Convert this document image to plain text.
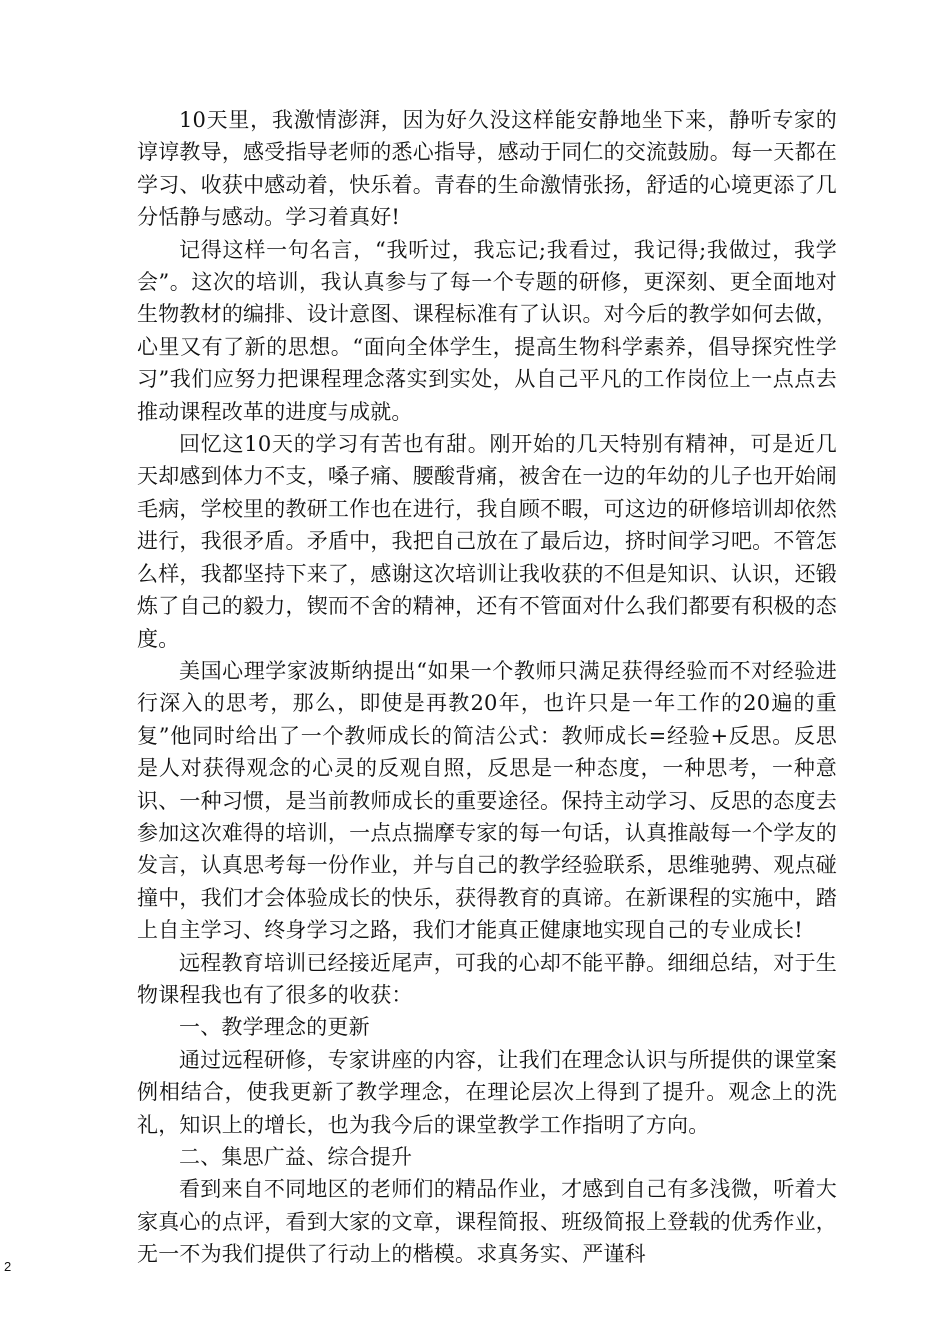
10天里，我激情澎湃，因为好久没这样能安静地坐下来，静听专家的谆谆教导，感受指导老师的悉心指导，感动于同仁的交流鼓励。每一天都在学习、收获中感动着，快乐着。青春的生命激情张扬，舒适的心境更添了几分恬静与感动。学习着真好!

记得这样一句名言，“我听过，我忘记;我看过，我记得;我做过，我学会”。这次的培训，我认真参与了每一个专题的研修，更深刻、更全面地对生物教材的编排、设计意图、课程标准有了认识。对今后的教学如何去做，心里又有了新的思想。“面向全体学生，提高生物科学素养，倡导探究性学习”我们应努力把课程理念落实到实处，从自己平凡的工作岗位上一点点去推动课程改革的进度与成就。

回忆这10天的学习有苦也有甜。刚开始的几天特别有精神，可是近几天却感到体力不支，嗓子痛、腰酸背痛，被舍在一边的年幼的儿子也开始闹毛病，学校里的教研工作也在进行，我自顾不暇，可这边的研修培训却依然进行，我很矛盾。矛盾中，我把自己放在了最后边，挤时间学习吧。不管怎么样，我都坚持下来了，感谢这次培训让我收获的不但是知识、认识，还锻炼了自己的毅力，锲而不舍的精神，还有不管面对什么我们都要有积极的态度。

美国心理学家波斯纳提出“如果一个教师只满足获得经验而不对经验进行深入的思考，那么，即使是再教20年，也许只是一年工作的20遍的重复”他同时给出了一个教师成长的简洁公式：教师成长=经验+反思。反思是人对获得观念的心灵的反观自照，反思是一种态度，一种思考，一种意识、一种习惯，是当前教师成长的重要途径。保持主动学习、反思的态度去参加这次难得的培训，一点点揣摩专家的每一句话，认真推敲每一个学友的发言，认真思考每一份作业，并与自己的教学经验联系，思维驰骋、观点碰撞中，我们才会体验成长的快乐，获得教育的真谛。在新课程的实施中，踏上自主学习、终身学习之路，我们才能真正健康地实现自己的专业成长!

远程教育培训已经接近尾声，可我的心却不能平静。细细总结，对于生物课程我也有了很多的收获：

一、教学理念的更新

通过远程研修，专家讲座的内容，让我们在理念认识与所提供的课堂案例相结合，使我更新了教学理念，在理论层次上得到了提升。观念上的洗礼，知识上的增长，也为我今后的课堂教学工作指明了方向。

二、集思广益、综合提升

看到来自不同地区的老师们的精品作业，才感到自己有多浅微，听着大家真心的点评，看到大家的文章，课程简报、班级简报上登载的优秀作业，无一不为我们提供了行动上的楷模。求真务实、严谨科

2
